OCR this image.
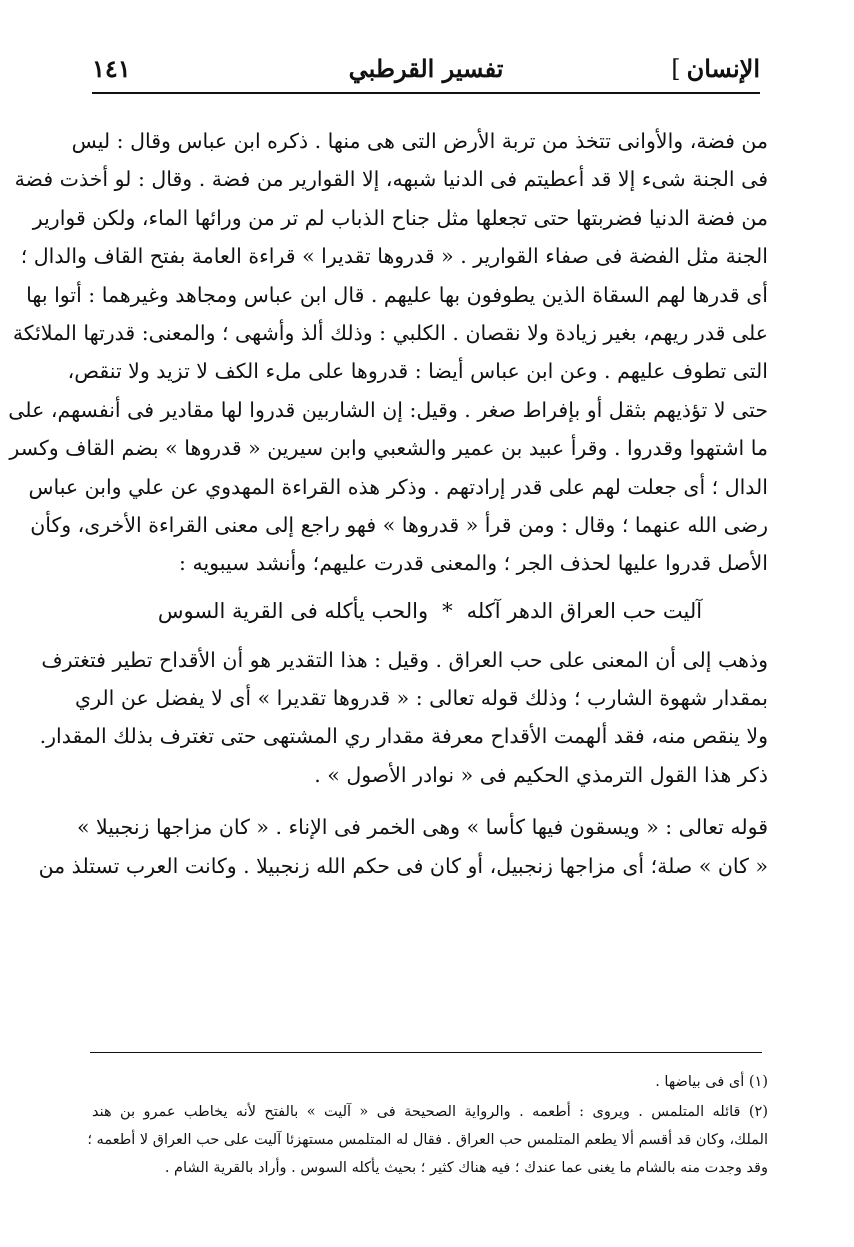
الإنسان]
تفسير القرطبي
١٤١
من فضة، والأوانى تتخذ من تربة الأرض التى هى منها . ذكره ابن عباس وقال : ليس
فى الجنة شىء إلا قد أعطيتم فى الدنيا شبهه، إلا القوارير من فضة . وقال : لو أخذت فضة
من فضة الدنيا فضربتها حتى تجعلها مثل جناح الذباب لم تر من ورائها الماء، ولكن قوارير
الجنة مثل الفضة فى صفاء القوارير . « قدروها تقديرا » قراءة العامة بفتح القاف والدال ؛
أى قدرها لهم السقاة الذين يطوفون بها عليهم . قال ابن عباس ومجاهد وغيرهما : أتوا بها
على قدر ريهم، بغير زيادة ولا نقصان . الكلبي : وذلك ألذ وأشهى ؛ والمعنى: قدرتها الملائكة
التى تطوف عليهم . وعن ابن عباس أيضا : قدروها على ملء الكف لا تزيد ولا تنقص،
حتى لا تؤذيهم بثقل أو بإفراط صغر . وقيل: إن الشاربين قدروا لها مقادير فى أنفسهم، على
ما اشتهوا وقدروا . وقرأ عبيد بن عمير والشعبي وابن سيرين « قدروها » بضم القاف وكسر
الدال ؛ أى جعلت لهم على قدر إرادتهم . وذكر هذه القراءة المهدوي عن علي وابن عباس
رضى الله عنهما ؛ وقال : ومن قرأ « قدروها » فهو راجع إلى معنى القراءة الأخرى، وكأن
الأصل قدروا عليها لحذف الجر ؛ والمعنى قدرت عليهم؛ وأنشد سيبويه :
آليت حب العراق الدهر آكله*والحب يأكله فى القرية السوس
وذهب إلى أن المعنى على حب العراق . وقيل : هذا التقدير هو أن الأقداح تطير فتغترف
بمقدار شهوة الشارب ؛ وذلك قوله تعالى : « قدروها تقديرا » أى لا يفضل عن الري
ولا ينقص منه، فقد ألهمت الأقداح معرفة مقدار ري المشتهى حتى تغترف بذلك المقدار.
ذكر هذا القول الترمذي الحكيم فى « نوادر الأصول » .
قوله تعالى : « ويسقون فيها كأسا » وهى الخمر فى الإناء . « كان مزاجها زنجبيلا »
« كان » صلة؛ أى مزاجها زنجبيل، أو كان فى حكم الله زنجبيلا . وكانت العرب تستلذ من
(١) أى فى بياضها .
(٢) قائله المتلمس . ويروى : أطعمه . والرواية الصحيحة فى « آليت » بالفتح لأنه يخاطب عمرو بن هند
الملك، وكان قد أقسم ألا يطعم المتلمس حب العراق . فقال له المتلمس مستهزئا آليت على حب العراق لا أطعمه ؛
وقد وجدت منه بالشام ما يغنى عما عندك ؛ فيه هناك كثير ؛ بحيث يأكله السوس . وأراد بالقرية الشام .
